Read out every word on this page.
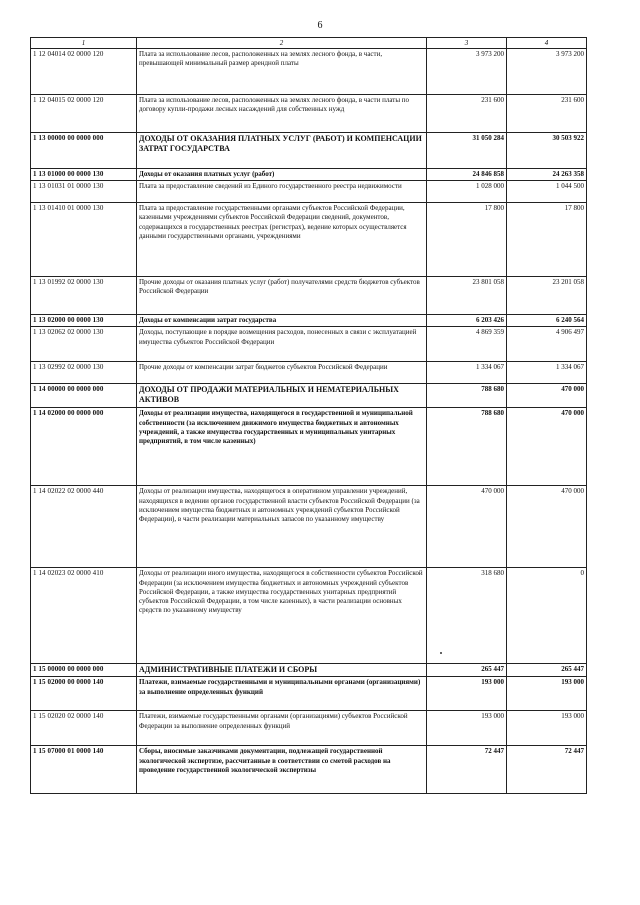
6
1	2	3	4
1 12 04014 02 0000 120	Плата за использование лесов, расположенных на землях лесного фонда, в части, превышающей минимальный размер арендной платы	3 973 200	3 973 200
1 12 04015 02 0000 120	Плата за использование лесов, расположенных на землях лесного фонда, в части платы по договору купли-продажи лесных насаждений для собственных нужд	231 600	231 600
1 13 00000 00 0000 000	ДОХОДЫ ОТ ОКАЗАНИЯ ПЛАТНЫХ УСЛУГ (РАБОТ) И КОМПЕНСАЦИИ ЗАТРАТ ГОСУДАРСТВА	31 050 284	30 503 922
1 13 01000 00 0000 130	Доходы от оказания платных услуг (работ)	24 846 858	24 263 358
1 13 01031 01 0000 130	Плата за предоставление сведений из Единого государственного реестра недвижимости	1 028 000	1 044 500
1 13 01410 01 0000 130	Плата за предоставление государственными органами субъектов Российской Федерации, казенными учреждениями субъектов Российской Федерации сведений, документов, содержащихся в государственных реестрах (регистрах), ведение которых осуществляется данными государственными органами, учреждениями	17 800	17 800
1 13 01992 02 0000 130	Прочие доходы от оказания платных услуг (работ) получателями средств бюджетов субъектов Российской Федерации	23 801 058	23 201 058
1 13 02000 00 0000 130	Доходы от компенсации затрат государства	6 203 426	6 240 564
1 13 02062 02 0000 130	Доходы, поступающие в порядке возмещения расходов, понесенных в связи с эксплуатацией имущества субъектов Российской Федерации	4 869 359	4 906 497
1 13 02992 02 0000 130	Прочие доходы от компенсации затрат бюджетов субъектов Российской Федерации	1 334 067	1 334 067
1 14 00000 00 0000 000	ДОХОДЫ ОТ ПРОДАЖИ МАТЕРИАЛЬНЫХ И НЕМАТЕРИАЛЬНЫХ АКТИВОВ	788 680	470 000
1 14 02000 00 0000 000	Доходы от реализации имущества, находящегося в государственной и муниципальной собственности (за исключением движимого имущества бюджетных и автономных учреждений, а также имущества государственных и муниципальных унитарных предприятий, в том числе казенных)	788 680	470 000
1 14 02022 02 0000 440	Доходы от реализации имущества, находящегося в оперативном управлении учреждений, находящихся в ведении органов государственной власти субъектов Российской Федерации (за исключением имущества бюджетных и автономных учреждений субъектов Российской Федерации), в части реализации материальных запасов по указанному имуществу	470 000	470 000
1 14 02023 02 0000 410	Доходы от реализации иного имущества, находящегося в собственности субъектов Российской Федерации (за исключением имущества бюджетных и автономных учреждений субъектов Российской Федерации, а также имущества государственных унитарных предприятий субъектов Российской Федерации, в том числе казенных), в части реализации основных средств по указанному имуществу	318 680	0
1 15 00000 00 0000 000	АДМИНИСТРАТИВНЫЕ ПЛАТЕЖИ И СБОРЫ	265 447	265 447
1 15 02000 00 0000 140	Платежи, взимаемые государственными и муниципальными органами (организациями) за выполнение определенных функций	193 000	193 000
1 15 02020 02 0000 140	Платежи, взимаемые государственными органами (организациями) субъектов Российской Федерации за выполнение определенных функций	193 000	193 000
1 15 07000 01 0000 140	Сборы, вносимые заказчиками документации, подлежащей государственной экологической экспертизе, рассчитанные в соответствии со сметой расходов на проведение государственной экологической экспертизы	72 447	72 447
